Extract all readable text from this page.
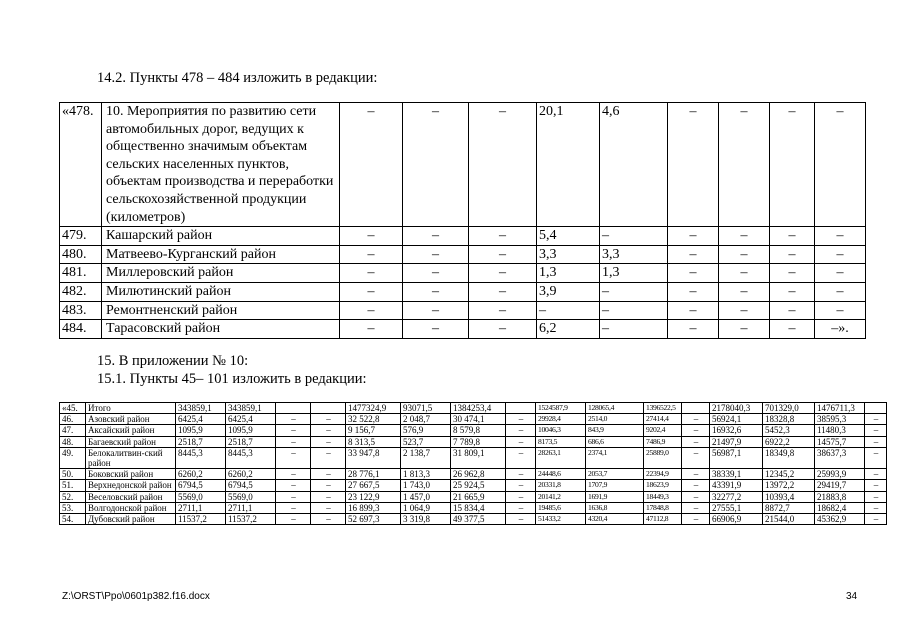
14.2. Пункты 478 – 484 изложить в редакции:
«478.	10. Мероприятия по развитию сети автомобильных дорог, ведущих к общественно значимым объектам сельских населенных пунктов, объектам производства и переработки сельскохозяйственной продукции (километров)	–	–	–	20,1	4,6	–	–	–	–
479.	Кашарский район	–	–	–	5,4	–	–	–	–	–
480.	Матвеево-Курганский район	–	–	–	3,3	3,3	–	–	–	–
481.	Миллеровский район	–	–	–	1,3	1,3	–	–	–	–
482.	Милютинский район	–	–	–	3,9	–	–	–	–	–
483.	Ремонтненский район	–	–	–	–	–	–	–	–	–
484.	Тарасовский район	–	–	–	6,2	–	–	–	–	–».
15. В приложении № 10:
15.1. Пункты 45– 101 изложить в редакции:
«45.	Итого	343859,1	343859,1			1477324,9	93071,5	1384253,4		1524587,9	128065,4	1396522,5		2178040,3	701329,0	1476711,3	
46.	Азовский район	6425,4	6425,4	–	–	32 522,8	2 048,7	30 474,1	–	29928,4	2514,0	27414,4	–	56924,1	18328,8	38595,3	–
47.	Аксайский район	1095,9	1095,9	–	–	9 156,7	576,9	8 579,8	–	10046,3	843,9	9202,4	–	16932,6	5452,3	11480,3	–
48.	Багаевский район	2518,7	2518,7	–	–	8 313,5	523,7	7 789,8	–	8173,5	686,6	7486,9	–	21497,9	6922,2	14575,7	–
49.	Белокалитвин-ский район	8445,3	8445,3	–	–	33 947,8	2 138,7	31 809,1	–	28263,1	2374,1	25889,0	–	56987,1	18349,8	38637,3	–
50.	Боковский район	6260,2	6260,2	–	–	28 776,1	1 813,3	26 962,8	–	24448,6	2053,7	22394,9	–	38339,1	12345,2	25993,9	–
51.	Верхнедонской район	6794,5	6794,5	–	–	27 667,5	1 743,0	25 924,5	–	20331,8	1707,9	18623,9	–	43391,9	13972,2	29419,7	–
52.	Веселовский район	5569,0	5569,0	–	–	23 122,9	1 457,0	21 665,9	–	20141,2	1691,9	18449,3	–	32277,2	10393,4	21883,8	–
53.	Волгодонской район	2711,1	2711,1	–	–	16 899,3	1 064,9	15 834,4	–	19485,6	1636,8	17848,8	–	27555,1	8872,7	18682,4	–
54.	Дубовский район	11537,2	11537,2	–	–	52 697,3	3 319,8	49 377,5	–	51433,2	4320,4	47112,8	–	66906,9	21544,0	45362,9	–
Z:\ORST\Ppo\0601p382.f16.docx	34
